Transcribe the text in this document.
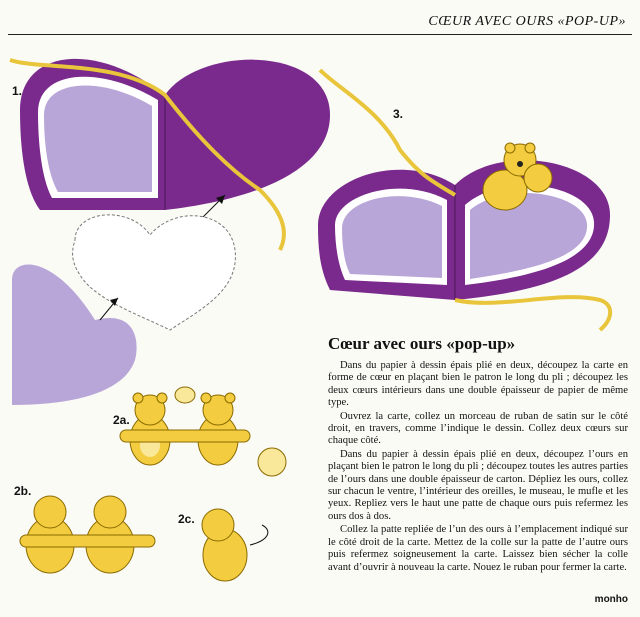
CŒUR AVEC OURS «POP-UP»
1.
3.
2a.
2b.
2c.
Cœur avec ours «pop-up»

Dans du papier à dessin épais plié en deux, découpez la carte en forme de cœur en plaçant bien le patron le long du pli ; découpez les deux cœurs intérieurs dans une double épaisseur de papier de même type.

Ouvrez la carte, collez un morceau de ruban de satin sur le côté droit, en travers, comme l’indique le dessin. Collez deux cœurs sur chaque côté.

Dans du papier à dessin épais plié en deux, découpez l’ours en plaçant bien le patron le long du pli ; découpez toutes les autres parties de l’ours dans une double épaisseur de carton. Dépliez les ours, collez sur chacun le ventre, l’intérieur des oreilles, le museau, le mufle et les yeux. Repliez vers le haut une patte de chaque ours puis refermez les ours dos à dos.

Collez la patte repliée de l’un des ours à l’emplacement indiqué sur le côté droit de la carte. Mettez de la colle sur la patte de l’autre ours puis refermez soigneusement la carte. Laissez bien sécher la colle avant d’ouvrir à nouveau la carte. Nouez le ruban pour fermer la carte.

monho
